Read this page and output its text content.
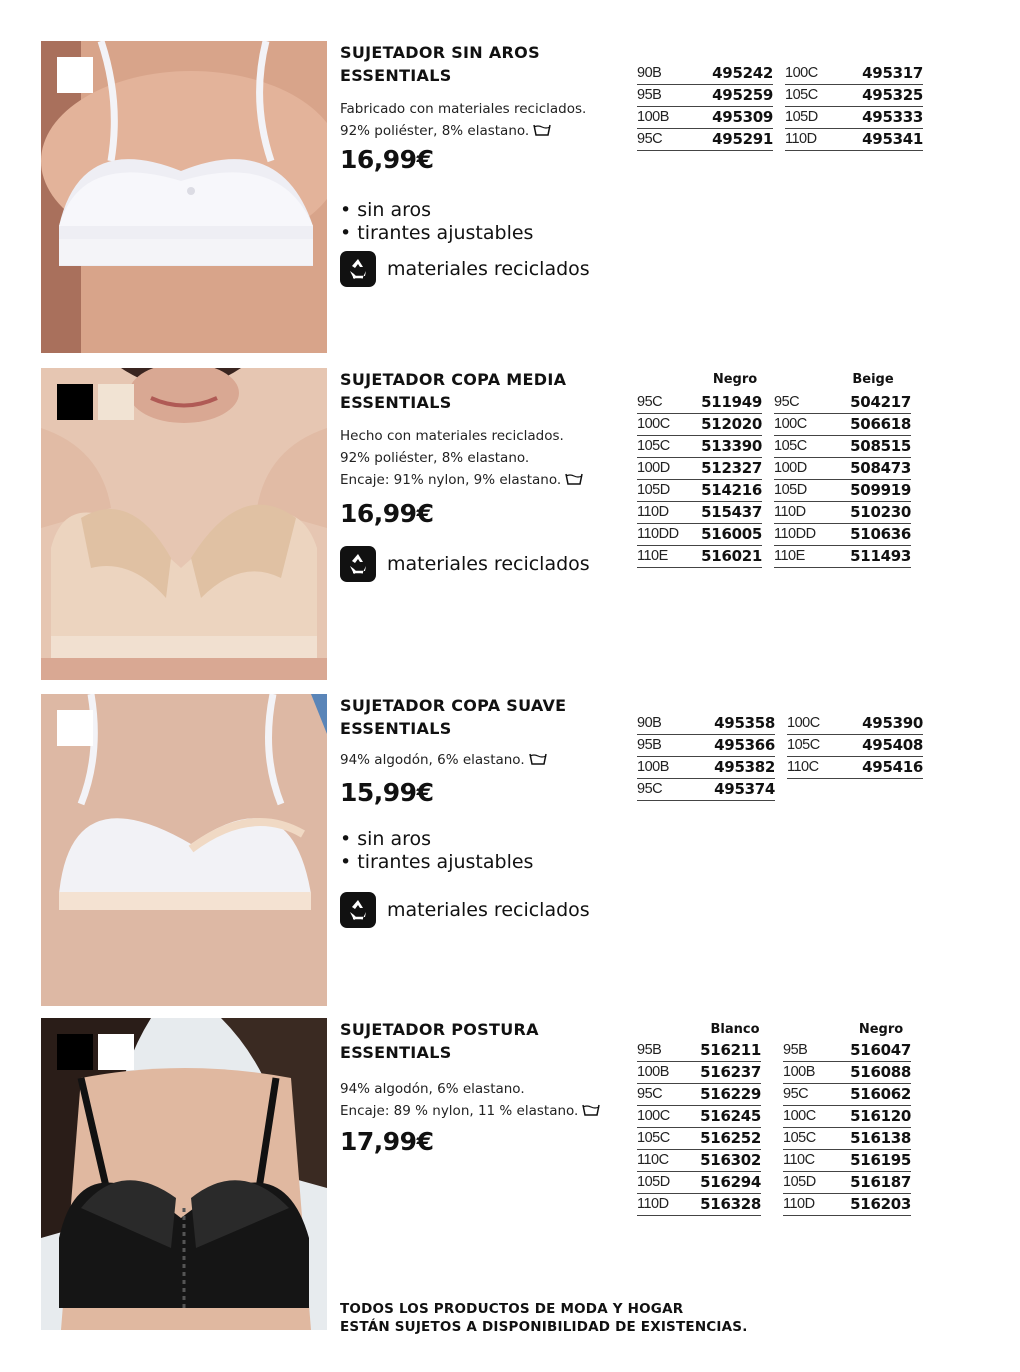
SUJETADOR SIN AROS
ESSENTIALS
Fabricado con materiales reciclados.
92% poliéster, 8% elastano.
16,99€
• sin aros
• tirantes ajustables
materiales reciclados
90B	495242		100C	495317
95B	495259		105C	495325
100B	495309		105D	495333
95C	495291		110D	495341
SUJETADOR COPA MEDIA
ESSENTIALS
Hecho con materiales reciclados.
92% poliéster, 8% elastano.
Encaje: 91% nylon, 9% elastano.
16,99€
materiales reciclados
Negro	Beige
95C	511949		95C	504217
100C	512020		100C	506618
105C	513390		105C	508515
100D	512327		100D	508473
105D	514216		105D	509919
110D	515437		110D	510230
110DD	516005		110DD	510636
110E	516021		110E	511493
SUJETADOR COPA SUAVE
ESSENTIALS
94% algodón, 6% elastano.
15,99€
• sin aros
• tirantes ajustables
materiales reciclados
90B	495358		100C	495390
95B	495366		105C	495408
100B	495382		110C	495416
95C	495374			
SUJETADOR POSTURA
ESSENTIALS
94% algodón, 6% elastano.
Encaje: 89 % nylon, 11 % elastano.
17,99€
Blanco	Negro
95B	516211		95B	516047
100B	516237		100B	516088
95C	516229		95C	516062
100C	516245		100C	516120
105C	516252		105C	516138
110C	516302		110C	516195
105D	516294		105D	516187
110D	516328		110D	516203
TODOS LOS PRODUCTOS DE MODA Y HOGAR
ESTÁN SUJETOS A DISPONIBILIDAD DE EXISTENCIAS.
